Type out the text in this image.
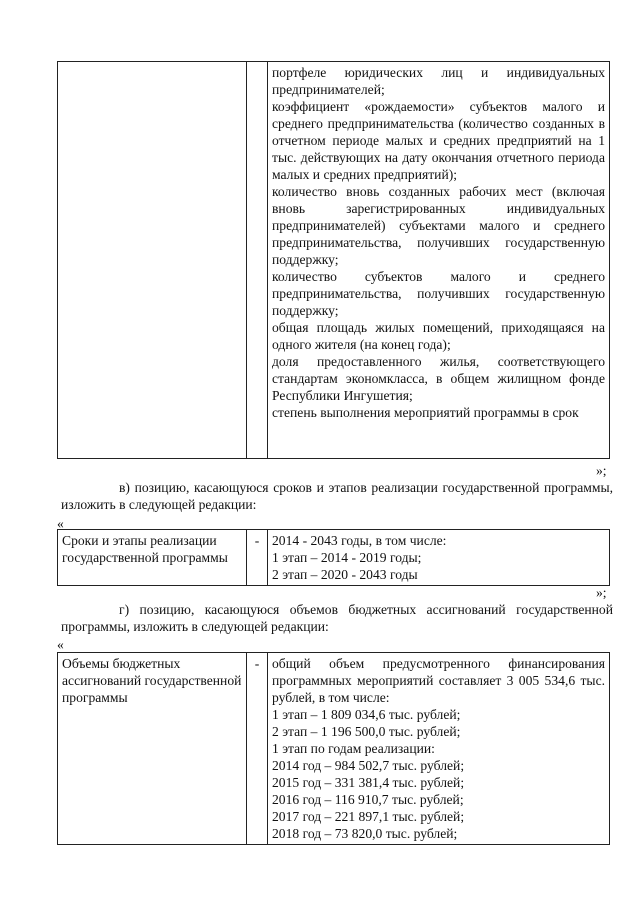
портфеле юридических лиц и индивидуальных предпринимателей;
коэффициент «рождаемости» субъектов малого и среднего предпринимательства (количество созданных в отчетном периоде малых и средних предприятий на 1 тыс. действующих на дату окончания отчетного периода малых и средних предприятий);
количество вновь созданных рабочих мест (включая вновь зарегистрированных индивидуальных предпринимателей) субъектами малого и среднего предпринимательства, получивших государственную поддержку;
количество субъектов малого и среднего предпринимательства, получивших государственную поддержку;
общая площадь жилых помещений, приходящаяся на одного жителя (на конец года);
доля предоставленного жилья, соответствующего стандартам экономкласса, в общем жилищном фонде Республики Ингушетия;
степень выполнения мероприятий программы в срок
»;
в) позицию, касающуюся сроков и этапов реализации государственной программы, изложить в следующей редакции:
«
Сроки и этапы реализации государственной программы	-	2014 - 2043 годы, в том числе:
1 этап – 2014 - 2019 годы;
2 этап – 2020 - 2043 годы
»;
г) позицию, касающуюся объемов бюджетных ассигнований государственной программы, изложить в следующей редакции:
«
Объемы бюджетных ассигнований государственной программы	-	общий объем предусмотренного финансирования программных мероприятий составляет 3 005 534,6 тыс. рублей, в том числе:
1 этап – 1 809 034,6 тыс. рублей;
2 этап – 1 196 500,0 тыс. рублей;
1 этап по годам реализации:
2014 год – 984 502,7 тыс. рублей;
2015 год – 331 381,4 тыс. рублей;
2016 год – 116 910,7 тыс. рублей;
2017 год – 221 897,1 тыс. рублей;
2018 год – 73 820,0 тыс. рублей;
